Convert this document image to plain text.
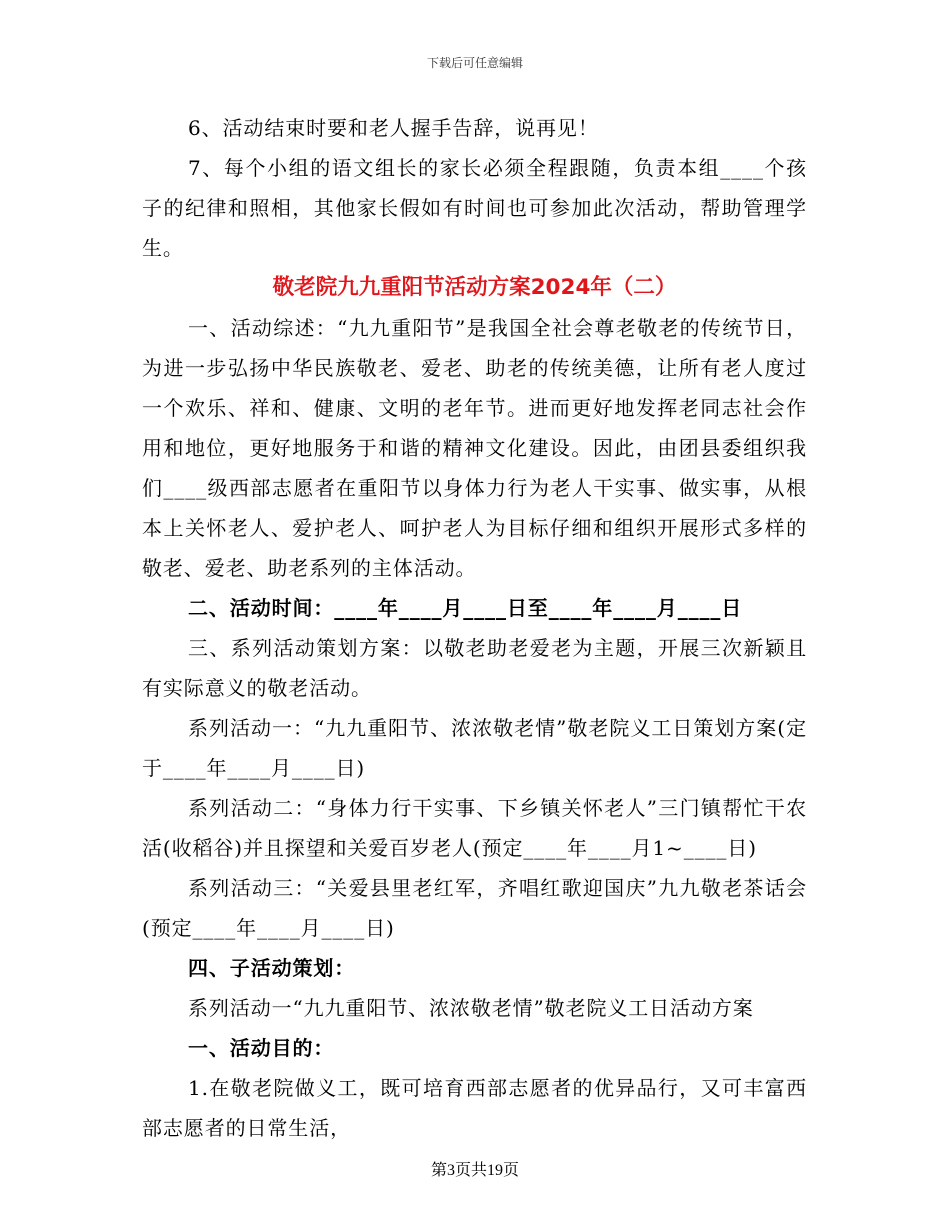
下载后可任意编辑

6、活动结束时要和老人握手告辞，说再见！

7、每个小组的语文组长的家长必须全程跟随，负责本组____个孩子的纪律和照相，其他家长假如有时间也可参加此次活动，帮助管理学生。

敬老院九九重阳节活动方案2024年（二）

一、活动综述：“九九重阳节”是我国全社会尊老敬老的传统节日，为进一步弘扬中华民族敬老、爱老、助老的传统美德，让所有老人度过一个欢乐、祥和、健康、文明的老年节。进而更好地发挥老同志社会作用和地位，更好地服务于和谐的精神文化建设。因此，由团县委组织我们____级西部志愿者在重阳节以身体力行为老人干实事、做实事，从根本上关怀老人、爱护老人、呵护老人为目标仔细和组织开展形式多样的敬老、爱老、助老系列的主体活动。

二、活动时间：____年____月____日至____年____月____日

三、系列活动策划方案：以敬老助老爱老为主题，开展三次新颖且有实际意义的敬老活动。

系列活动一：“九九重阳节、浓浓敬老情”敬老院义工日策划方案(定于____年____月____日)

系列活动二：“身体力行干实事、下乡镇关怀老人”三门镇帮忙干农活(收稻谷)并且探望和关爱百岁老人(预定____年____月1~____日)

系列活动三：“关爱县里老红军，齐唱红歌迎国庆”九九敬老茶话会(预定____年____月____日)

四、子活动策划：

系列活动一“九九重阳节、浓浓敬老情”敬老院义工日活动方案

一、活动目的：

1.在敬老院做义工，既可培育西部志愿者的优异品行，又可丰富西部志愿者的日常生活，

第3页共19页
